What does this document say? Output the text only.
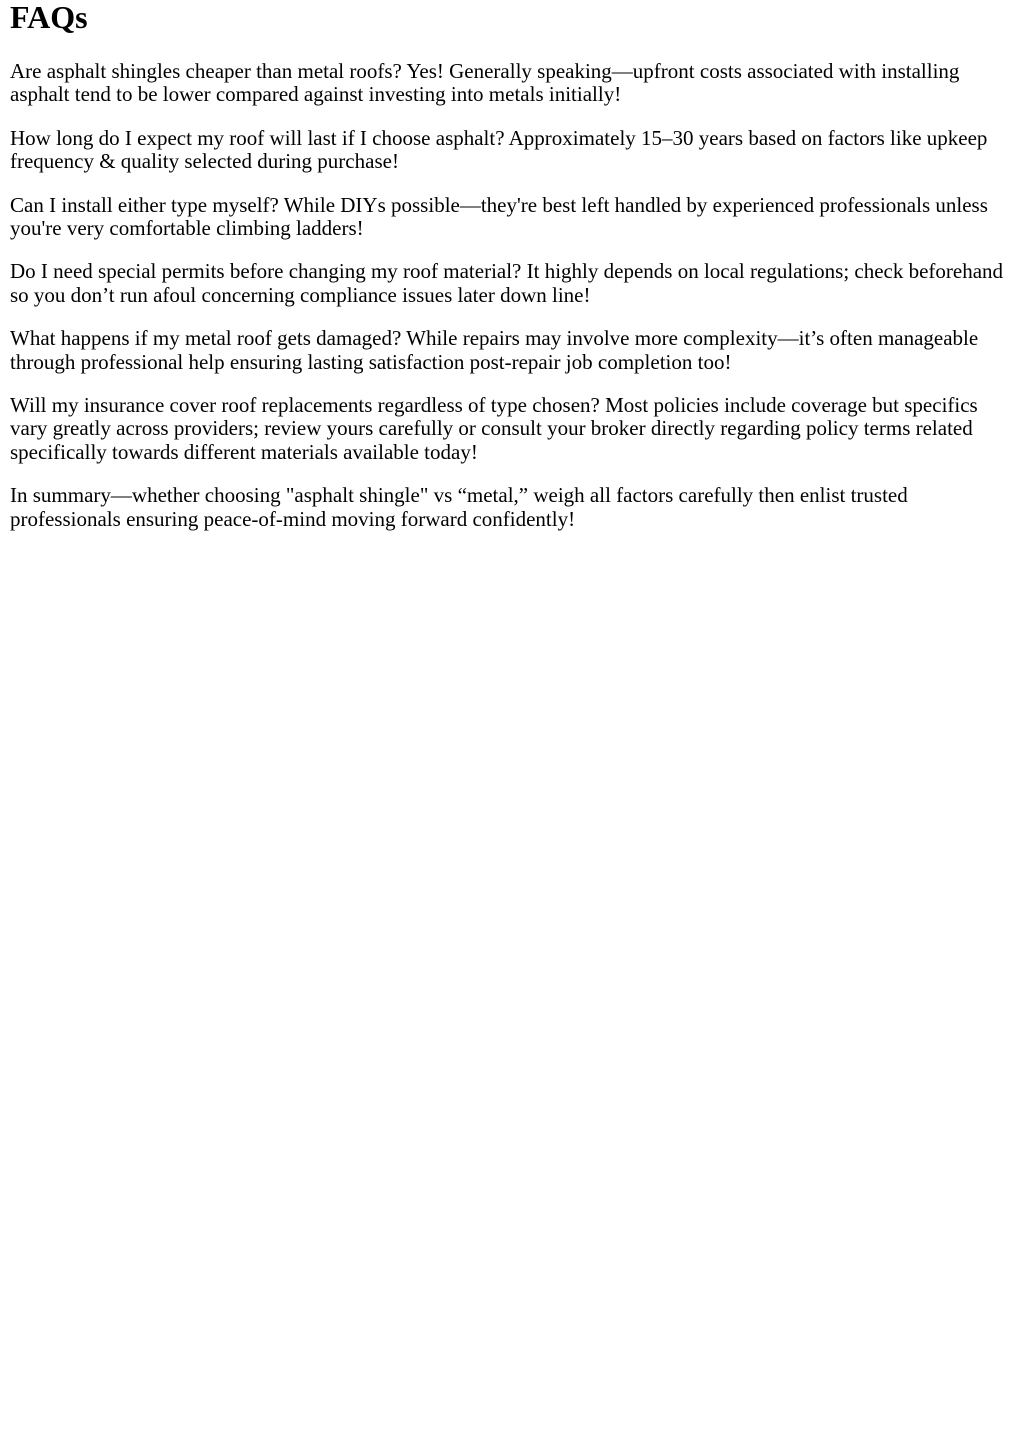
FAQs

Are asphalt shingles cheaper than metal roofs? Yes! Generally speaking—upfront costs associated with installing asphalt tend to be lower compared against investing into metals initially!

How long do I expect my roof will last if I choose asphalt? Approximately 15–30 years based on factors like upkeep frequency & quality selected during purchase!

Can I install either type myself? While DIYs possible—they're best left handled by experienced professionals unless you're very comfortable climbing ladders!

Do I need special permits before changing my roof material? It highly depends on local regulations; check beforehand so you don’t run afoul concerning compliance issues later down line!

What happens if my metal roof gets damaged? While repairs may involve more complexity—it’s often manageable through professional help ensuring lasting satisfaction post-repair job completion too!

Will my insurance cover roof replacements regardless of type chosen? Most policies include coverage but specifics vary greatly across providers; review yours carefully or consult your broker directly regarding policy terms related specifically towards different materials available today!

In summary—whether choosing "asphalt shingle" vs “metal,” weigh all factors carefully then enlist trusted professionals ensuring peace-of-mind moving forward confidently!
